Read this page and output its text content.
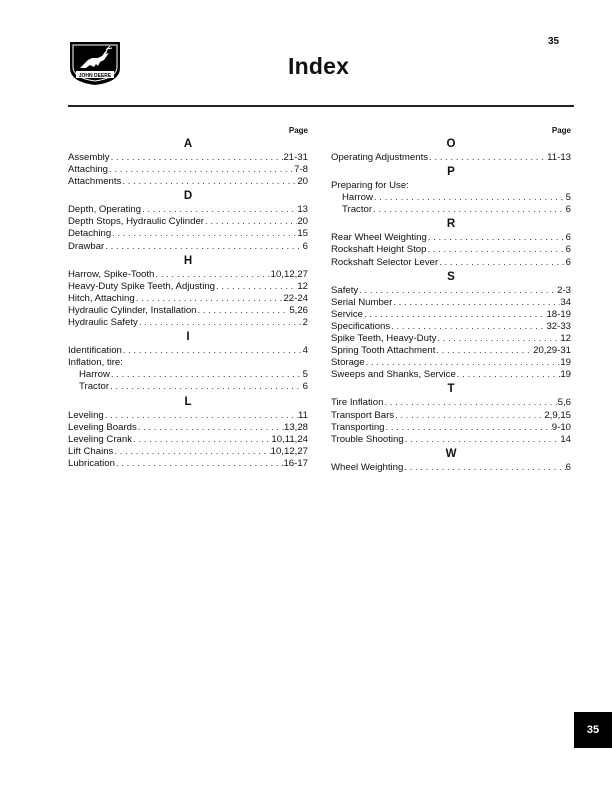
JOHN DEERE
35
Index
Page
A
Assembly . . .	21-31
Attaching . . .	7-8
Attachments . . .	20
D
Depth, Operating . . .	13
Depth Stops, Hydraulic Cylinder . . .	20
Detaching . . .	15
Drawbar . . .	6
H
Harrow, Spike-Tooth . . .	10,12,27
Heavy-Duty Spike Teeth, Adjusting . . .	12
Hitch, Attaching . . .	22-24
Hydraulic Cylinder, Installation . . .	5,26
Hydraulic Safety . . .	2
I
Identification . . .	4
Inflation, tire:
Harrow . . .	5
Tractor . . .	6
L
Leveling . . .	11
Leveling Boards . . .	13,28
Leveling Crank . . .	10,11,24
Lift Chains . . .	10,12,27
Lubrication . . .	16-17
Page
O
Operating Adjustments . . .	11-13
P
Preparing for Use:
Harrow . . .	5
Tractor . . .	6
R
Rear Wheel Weighting . . .	6
Rockshaft Height Stop . . .	6
Rockshaft Selector Lever . . .	6
S
Safety . . .	2-3
Serial Number . . .	34
Service . . .	18-19
Specifications . . .	32-33
Spike Teeth, Heavy-Duty . . .	12
Spring Tooth Attachment . . .	20,29-31
Storage . . .	19
Sweeps and Shanks, Service . . .	19
T
Tire Inflation . . .	5,6
Transport Bars . . .	2,9,15
Transporting . . .	9-10
Trouble Shooting . . .	14
W
Wheel Weighting . . .	6
35
